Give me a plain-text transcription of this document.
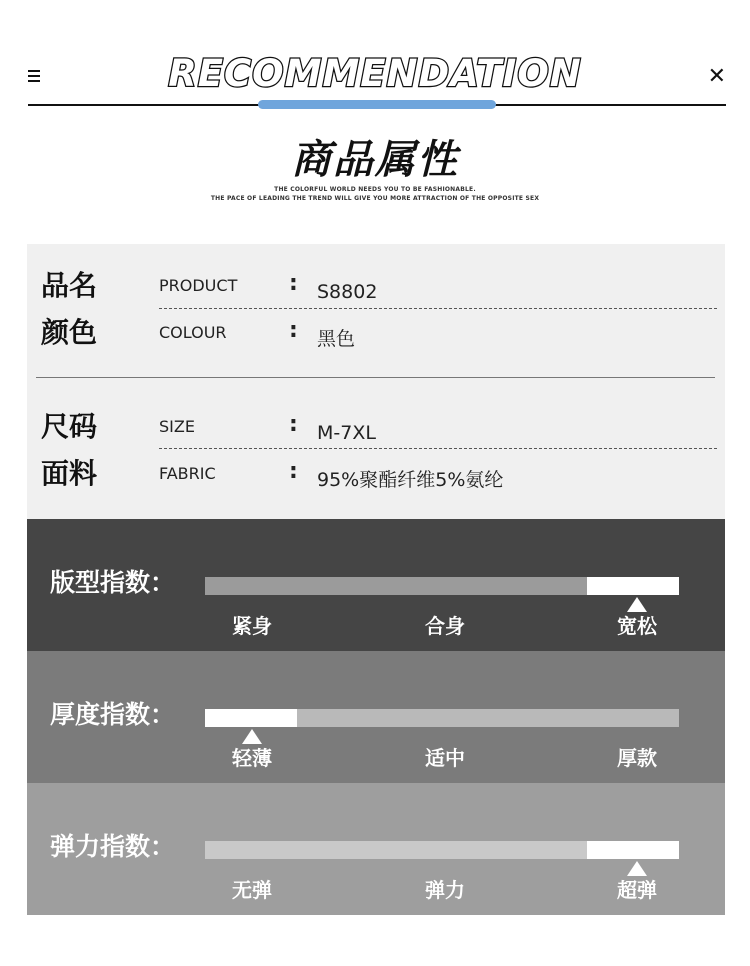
RECOMMENDATION	✕
商品属性
THE COLORFUL WORLD NEEDS YOU TO BE FASHIONABLE.
THE PACE OF LEADING THE TREND WILL GIVE YOU MORE ATTRACTION OF THE OPPOSITE SEX
品名	PRODUCT : S8802
颜色	COLOUR	: 黑色
尺码	SIZE	: M-7XL
面料	FABRIC	: 95%聚酯纤维5%氨纶
版型指数：
紧身	合身	宽松
厚度指数：
轻薄	适中	厚款
弹力指数：
无弹	弹力	超弹
